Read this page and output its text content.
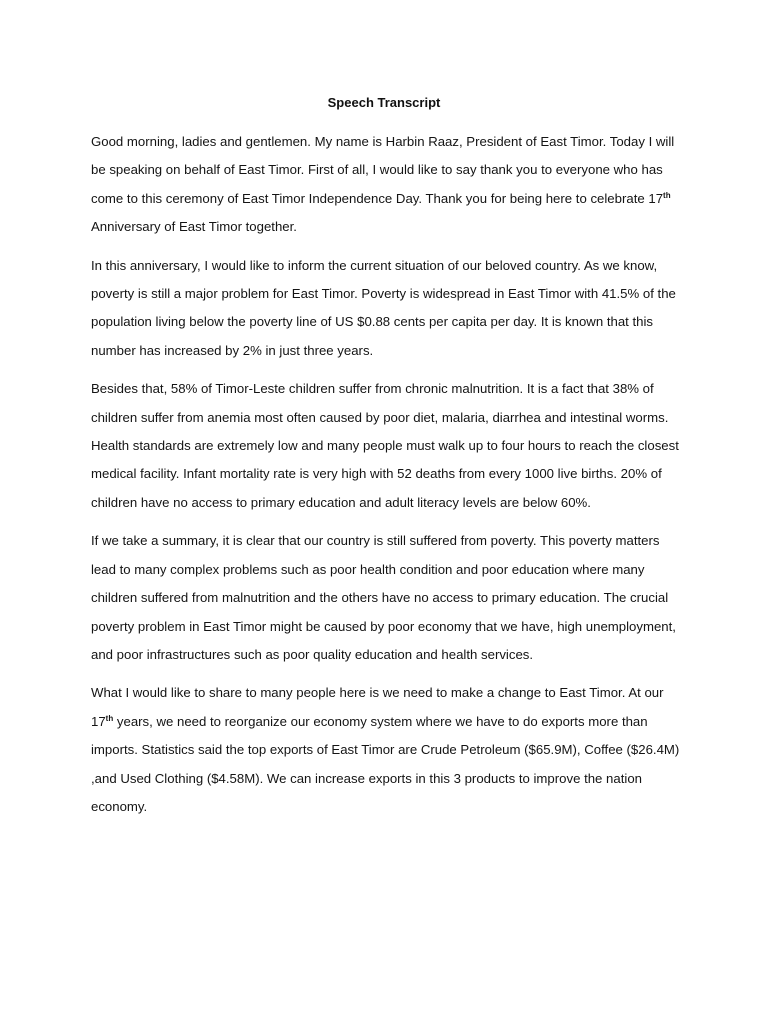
Speech Transcript

Good morning, ladies and gentlemen. My name is Harbin Raaz, President of East Timor. Today I will be speaking on behalf of East Timor. First of all, I would like to say thank you to everyone who has come to this ceremony of East Timor Independence Day. Thank you for being here to celebrate 17th Anniversary of East Timor together.

In this anniversary, I would like to inform the current situation of our beloved country. As we know, poverty is still a major problem for East Timor. Poverty is widespread in East Timor with 41.5% of the population living below the poverty line of US $0.88 cents per capita per day. It is known that this number has increased by 2% in just three years.

Besides that, 58% of Timor-Leste children suffer from chronic malnutrition. It is a fact that 38% of children suffer from anemia most often caused by poor diet, malaria, diarrhea and intestinal worms. Health standards are extremely low and many people must walk up to four hours to reach the closest medical facility. Infant mortality rate is very high with 52 deaths from every 1000 live births. 20% of children have no access to primary education and adult literacy levels are below 60%.

If we take a summary, it is clear that our country is still suffered from poverty. This poverty matters lead to many complex problems such as poor health condition and poor education where many children suffered from malnutrition and the others have no access to primary education. The crucial poverty problem in East Timor might be caused by poor economy that we have, high unemployment, and poor infrastructures such as poor quality education and health services.

What I would like to share to many people here is we need to make a change to East Timor. At our 17th years, we need to reorganize our economy system where we have to do exports more than imports. Statistics said the top exports of East Timor are Crude Petroleum ($65.9M), Coffee ($26.4M) ,and Used Clothing ($4.58M). We can increase exports in this 3 products to improve the nation economy.
